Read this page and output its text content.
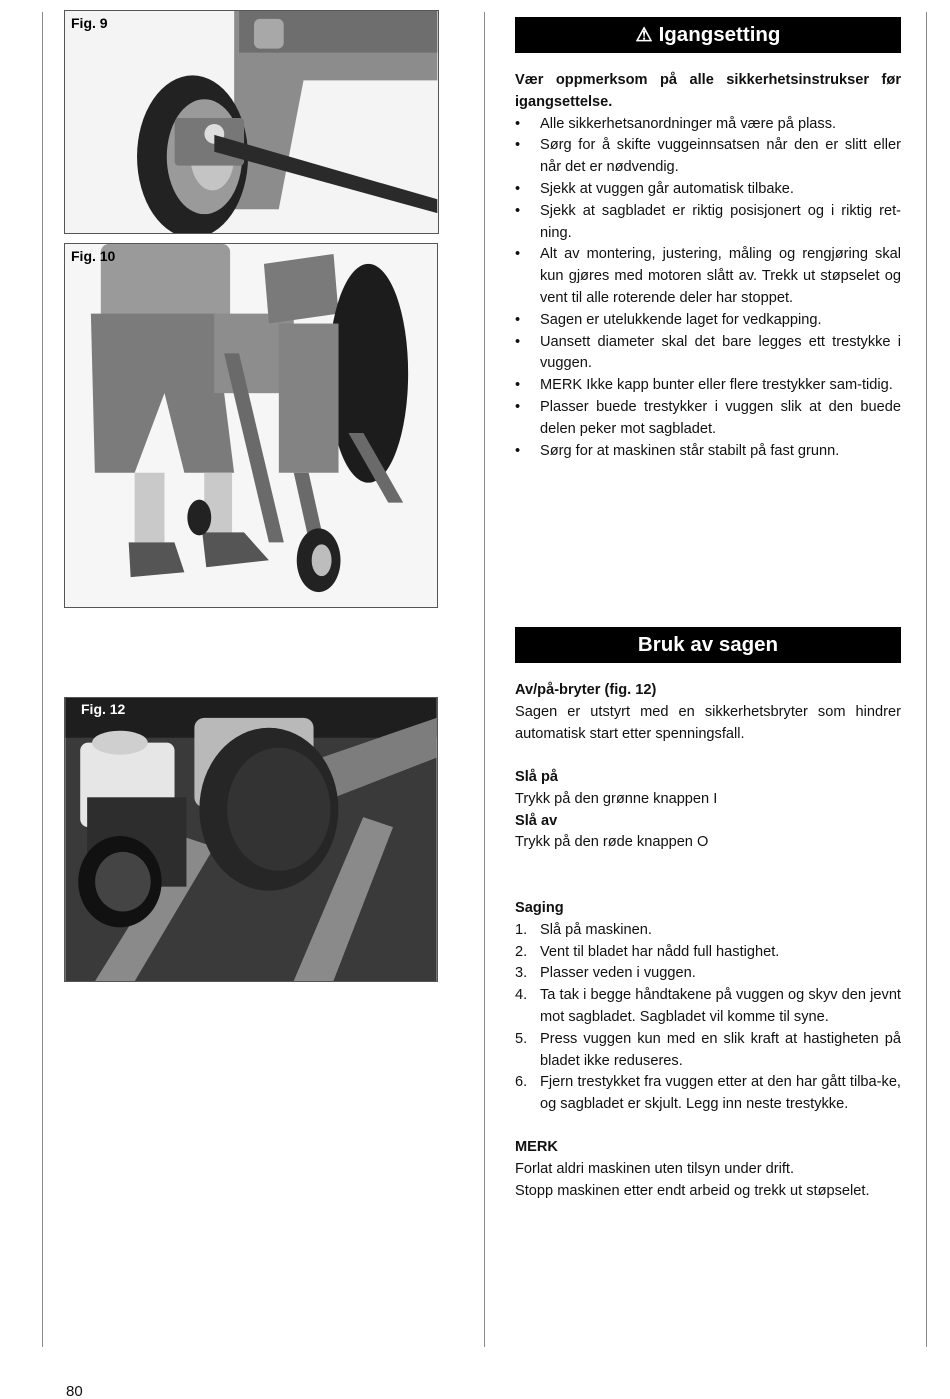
Fig. 9
Fig. 10
Fig. 12
⚠ Igangsetting

Vær oppmerksom på alle sikkerhetsinstrukser før igangsettelse.

• Alle sikkerhetsanordninger må være på plass.
• Sørg for å skifte vuggeinnsatsen når den er slitt eller når det er nødvendig.
• Sjekk at vuggen går automatisk tilbake.
• Sjekk at sagbladet er riktig posisjonert og i riktig ret-ning.
• Alt av montering, justering, måling og rengjøring skal kun gjøres med motoren slått av. Trekk ut støpselet og vent til alle roterende deler har stoppet.
• Sagen er utelukkende laget for vedkapping.
• Uansett diameter skal det bare legges ett trestykke i vuggen.
• MERK Ikke kapp bunter eller flere trestykker sam-tidig.
• Plasser buede trestykker i vuggen slik at den buede delen peker mot sagbladet.
• Sørg for at maskinen står stabilt på fast grunn.
Bruk av sagen

Av/på-bryter (fig. 12)

Sagen er utstyrt med en sikkerhetsbryter som hindrer automatisk start etter spenningsfall.

Slå på

Trykk på den grønne knappen I

Slå av

Trykk på den røde knappen O

Saging

1. Slå på maskinen.
2. Vent til bladet har nådd full hastighet.
3. Plasser veden i vuggen.
4. Ta tak i begge håndtakene på vuggen og skyv den jevnt mot sagbladet. Sagbladet vil komme til syne.
5. Press vuggen kun med en slik kraft at hastigheten på bladet ikke reduseres.
6. Fjern trestykket fra vuggen etter at den har gått tilba-ke, og sagbladet er skjult. Legg inn neste trestykke.

MERK

Forlat aldri maskinen uten tilsyn under drift.

Stopp maskinen etter endt arbeid og trekk ut støpselet.

80
